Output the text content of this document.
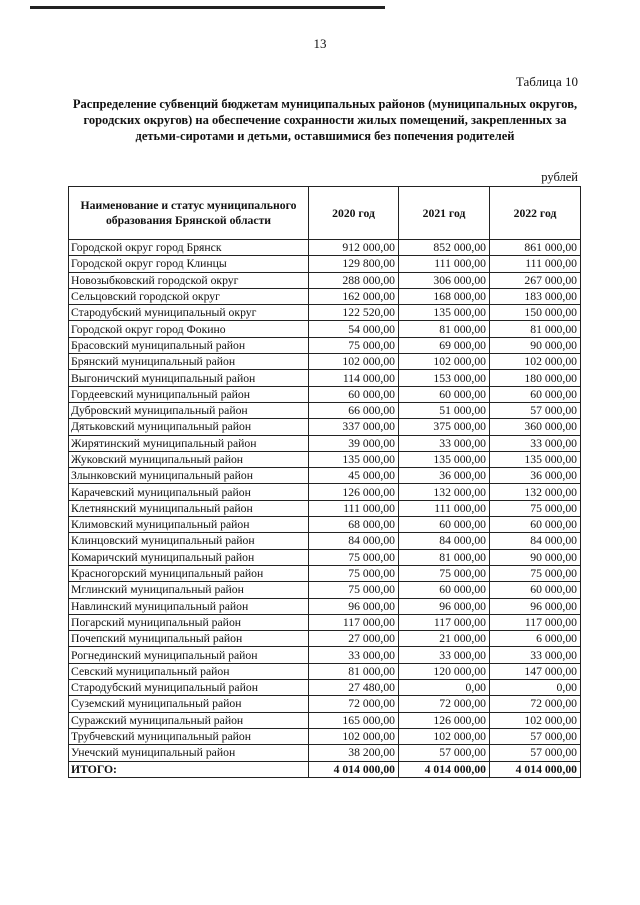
13
Таблица 10
Распределение субвенций бюджетам муниципальных районов (муниципальных округов, городских округов) на обеспечение сохранности жилых помещений, закрепленных за детьми-сиротами и детьми, оставшимися без попечения родителей
рублей
Наименование и статус муниципального образования Брянской области	2020 год	2021 год	2022 год
Городской округ город Брянск	912 000,00	852 000,00	861 000,00
Городской округ город Клинцы	129 800,00	111 000,00	111 000,00
Новозыбковский городской округ	288 000,00	306 000,00	267 000,00
Сельцовский городской округ	162 000,00	168 000,00	183 000,00
Стародубский муниципальный округ	122 520,00	135 000,00	150 000,00
Городской округ город Фокино	54 000,00	81 000,00	81 000,00
Брасовский муниципальный район	75 000,00	69 000,00	90 000,00
Брянский муниципальный район	102 000,00	102 000,00	102 000,00
Выгоничский муниципальный район	114 000,00	153 000,00	180 000,00
Гордеевский муниципальный район	60 000,00	60 000,00	60 000,00
Дубровский муниципальный район	66 000,00	51 000,00	57 000,00
Дятьковский муниципальный район	337 000,00	375 000,00	360 000,00
Жирятинский муниципальный район	39 000,00	33 000,00	33 000,00
Жуковский муниципальный район	135 000,00	135 000,00	135 000,00
Злынковский муниципальный район	45 000,00	36 000,00	36 000,00
Карачевский муниципальный район	126 000,00	132 000,00	132 000,00
Клетнянский муниципальный район	111 000,00	111 000,00	75 000,00
Климовский муниципальный район	68 000,00	60 000,00	60 000,00
Клинцовский муниципальный район	84 000,00	84 000,00	84 000,00
Комаричский муниципальный район	75 000,00	81 000,00	90 000,00
Красногорский муниципальный район	75 000,00	75 000,00	75 000,00
Мглинский муниципальный район	75 000,00	60 000,00	60 000,00
Навлинский муниципальный район	96 000,00	96 000,00	96 000,00
Погарский муниципальный район	117 000,00	117 000,00	117 000,00
Почепский муниципальный район	27 000,00	21 000,00	6 000,00
Рогнединский муниципальный район	33 000,00	33 000,00	33 000,00
Севский муниципальный район	81 000,00	120 000,00	147 000,00
Стародубский муниципальный район	27 480,00	0,00	0,00
Суземский муниципальный район	72 000,00	72 000,00	72 000,00
Суражский муниципальный район	165 000,00	126 000,00	102 000,00
Трубчевский муниципальный район	102 000,00	102 000,00	57 000,00
Унечский муниципальный район	38 200,00	57 000,00	57 000,00
ИТОГО:	4 014 000,00	4 014 000,00	4 014 000,00
